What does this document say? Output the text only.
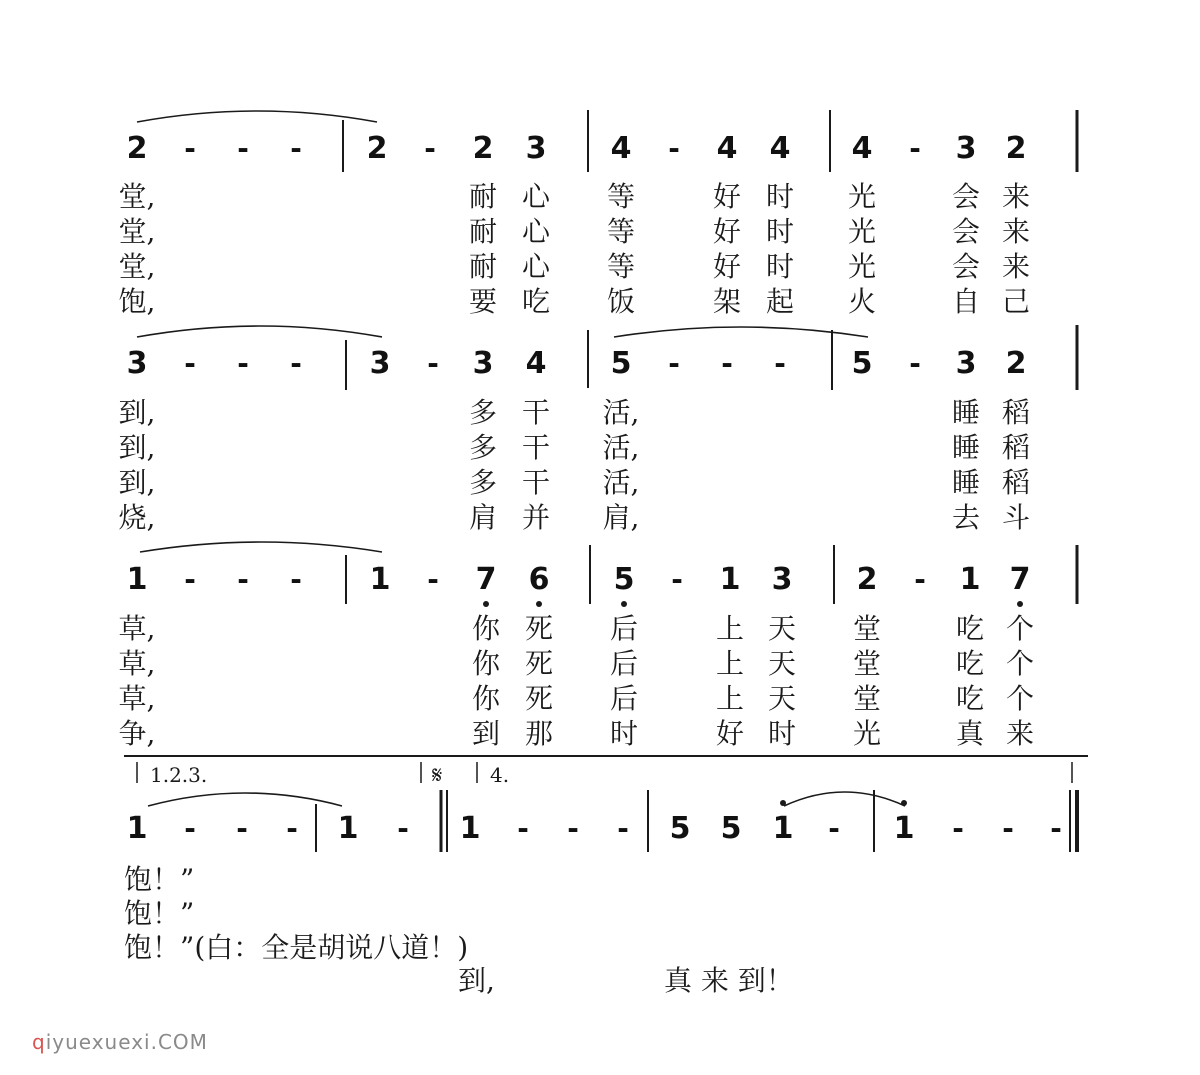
2	-	-	-	2	-	2	3	4	-	4	4	4	-	3 2
堂,	耐 心 等	好 时 光	会 来
堂,	耐 心 等	好 时 光	会 来
堂,	耐 心 等	好 时 光	会 来
饱,	要 吃 饭	架 起 火	自 己
3	-	-	-	3	-	3	4	5	-	-	-	5	-	3 2
到,	多 干 活,	睡 稻
到,	多 干 活,	睡 稻
到,	多 干 活,	睡 稻
烧,	肩 并 肩,	去 斗
1	-	-	-	1	-	7	6	5	-	1	3	2	-	1 7
草,	你 死 后	上 天 堂	吃 个
草,	你 死 后	上 天 堂	吃 个
草,	你 死 后	上 天 堂	吃 个
争,	到 那 时	好 时 光	真 来
1.2.3.	𝄋 4.
1	-	-	-	1	-	1	-	-	-	5	5	1	-	1	-	-	-
饱！”
饱！”
饱！”(白：全是胡说八道！)
到,	真 来 到！
qiyuexuexi.COM
